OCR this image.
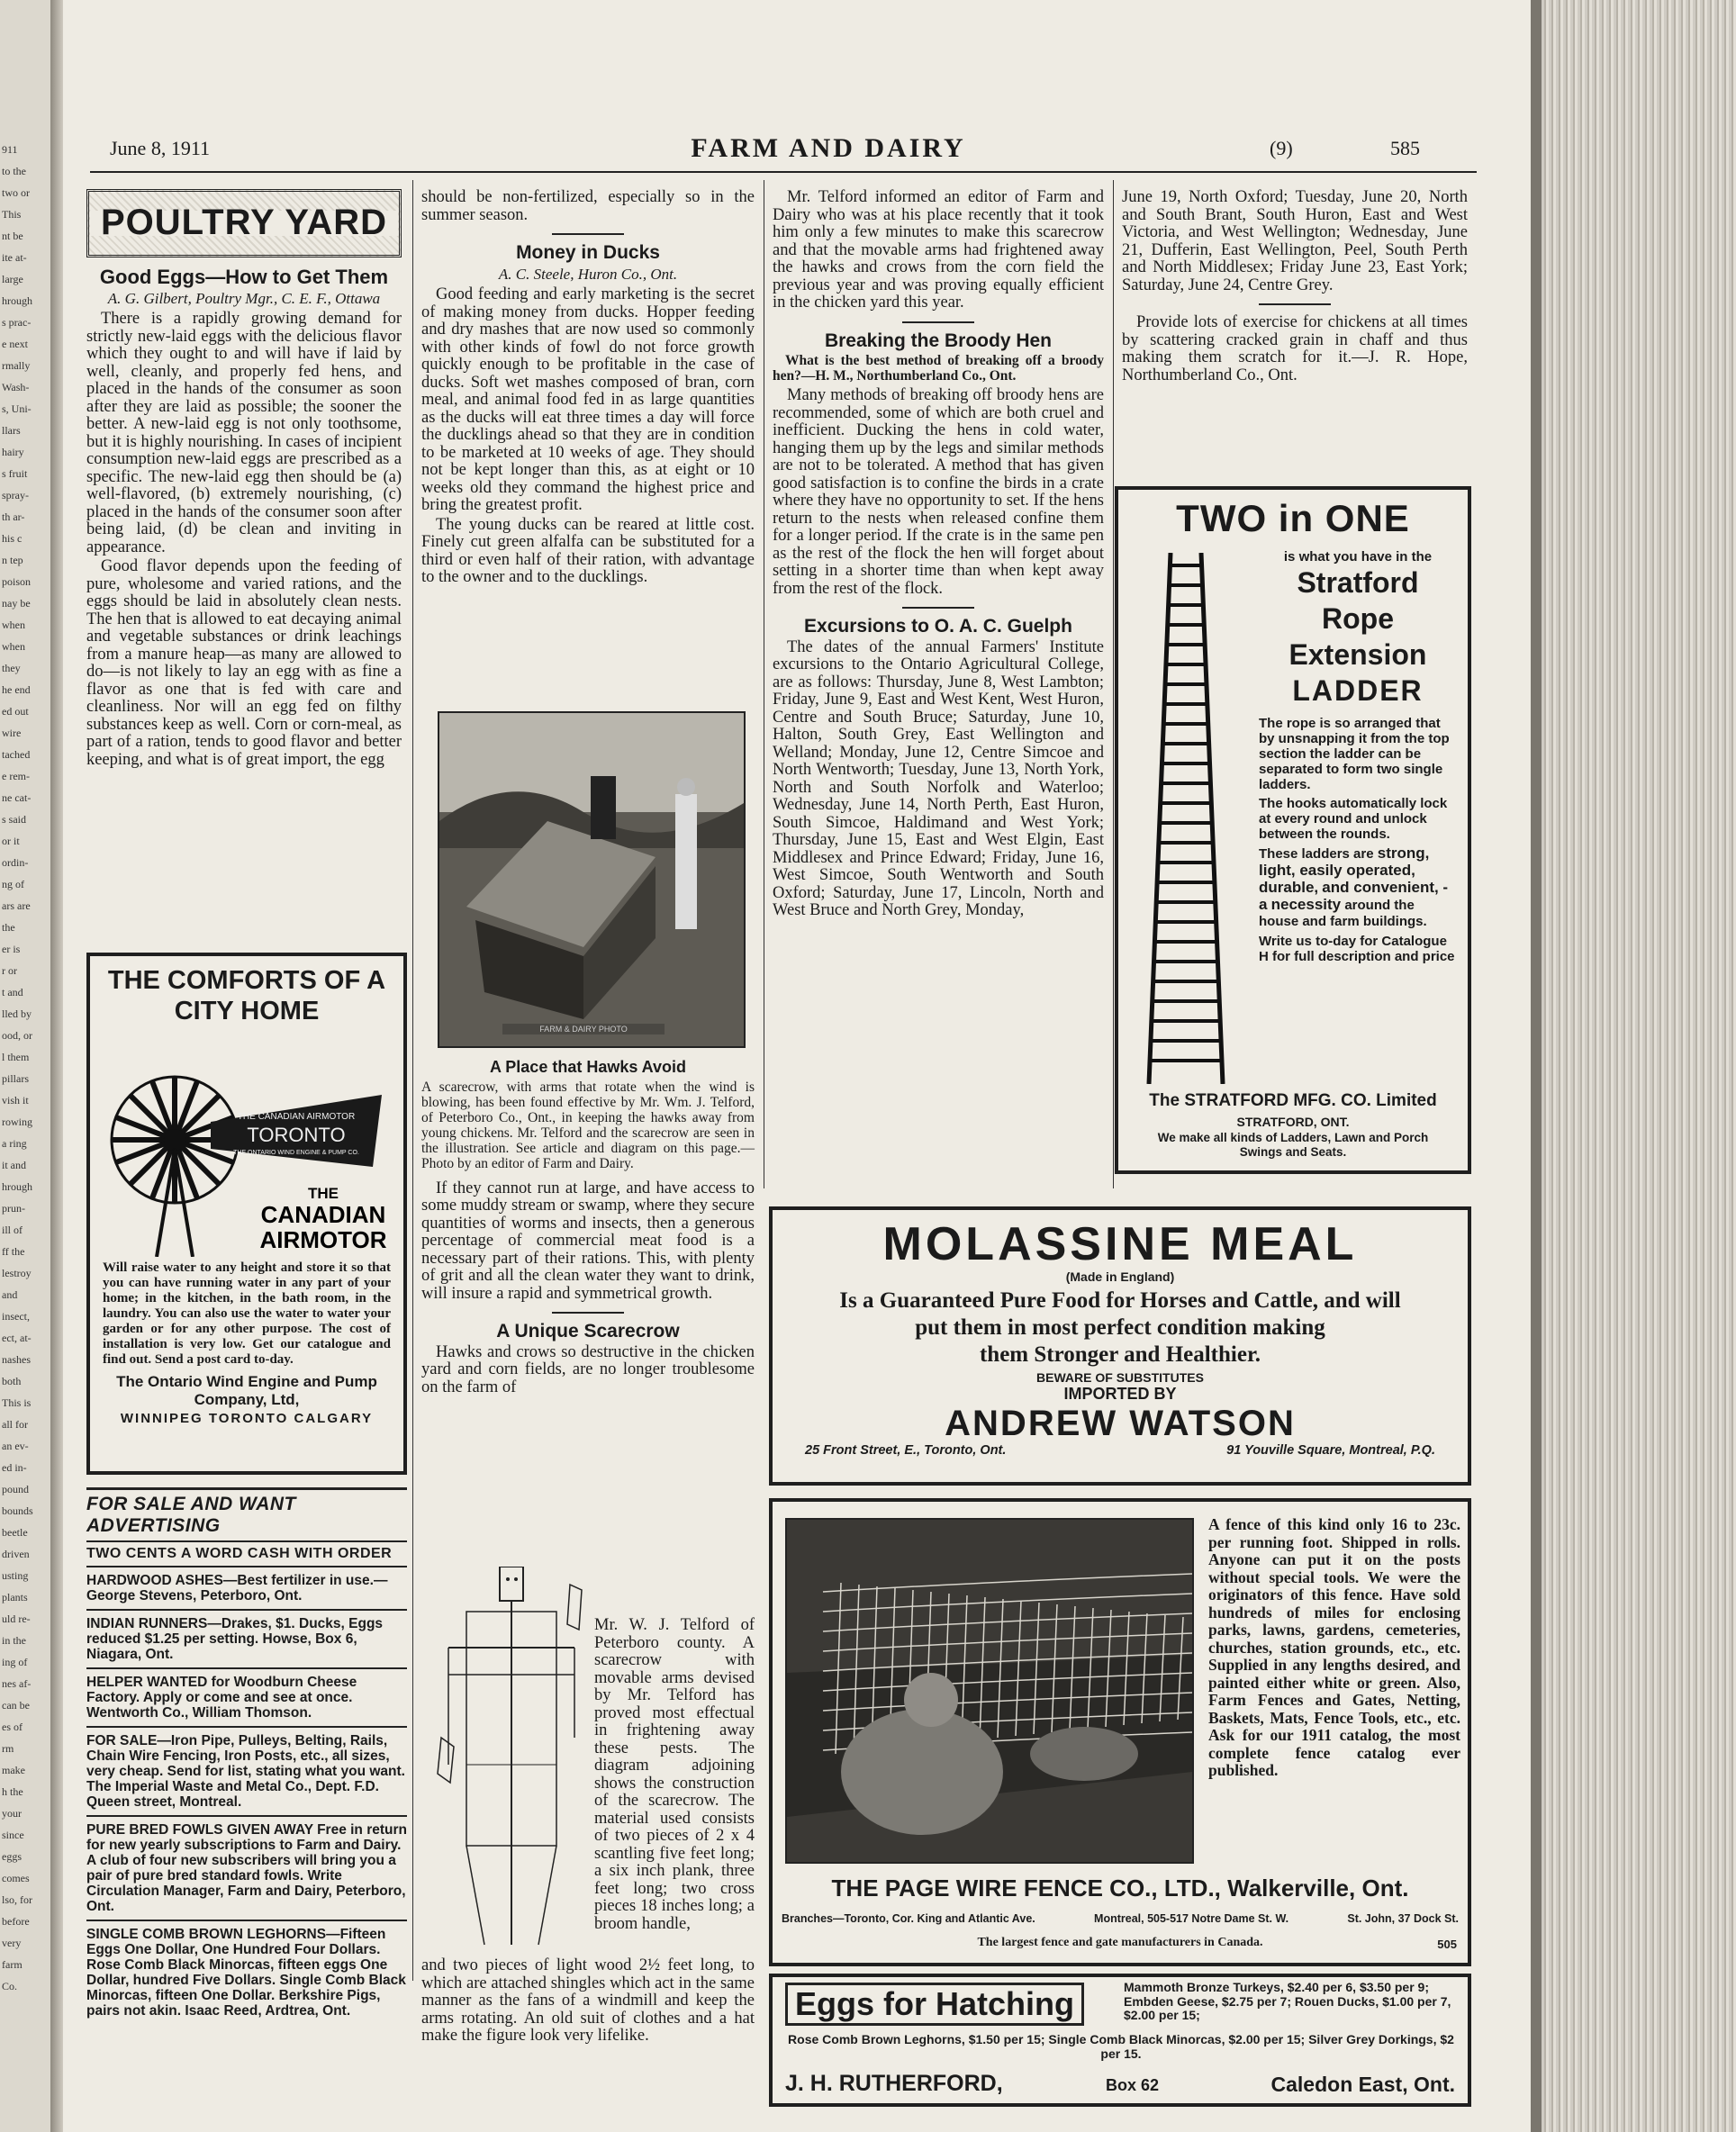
911
to the
two or
This
nt be
ite at-
large
hrough
s prac-
e next
rmally
Wash-
s, Uni-
llars
hairy
s fruit
spray-
th ar-
his c
n tep
poison
nay be
when
when
they
he end
ed out
wire
tached
e rem-
ne cat-
s said
or it
ordin-
ng of
ars are
the
er is
r or
t and
lled by
ood, or
l them
pillars
vish it
rowing
a ring
it and
hrough
prun-
ill of
ff the
lestroy
and
insect,
ect, at-
nashes
both
This is
all for
an ev-
ed in-
pound
bounds
beetle
driven
usting
plants
uld re-
in the
ing of
nes af-
can be
es of
rm
make
h the
your
since
eggs
comes
lso, for
before
very
farm
Co.
June 8, 1911	FARM AND DAIRY	(9)	585
POULTRY YARD
Good Eggs—How to Get Them
A. G. Gilbert, Poultry Mgr., C. E. F., Ottawa

There is a rapidly growing demand for strictly new-laid eggs with the delicious flavor which they ought to and will have if laid by well, cleanly, and properly fed hens, and placed in the hands of the consumer as soon after they are laid as possible; the sooner the better. A new-laid egg is not only toothsome, but it is highly nourishing. In cases of incipient consumption new-laid eggs are prescribed as a specific. The new-laid egg then should be (a) well-flavored, (b) extremely nourishing, (c) placed in the hands of the consumer soon after being laid, (d) be clean and inviting in appearance.

Good flavor depends upon the feeding of pure, wholesome and varied rations, and the eggs should be laid in absolutely clean nests. The hen that is allowed to eat decaying animal and vegetable substances or drink leachings from a manure heap—as many are allowed to do—is not likely to lay an egg with as fine a flavor as one that is fed with care and cleanliness. Nor will an egg fed on filthy substances keep as well. Corn or corn-meal, as part of a ration, tends to good flavor and better keeping, and what is of great import, the egg

THE COMFORTS OF A CITY HOME
THE CANADIAN AIRMOTOR
TORONTO
THE ONTARIO WIND ENGINE & PUMP CO.
THE
CANADIAN
AIRMOTOR
Will raise water to any height and store it so that you can have running water in any part of your home; in the kitchen, in the bath room, in the laundry. You can also use the water to water your garden or for any other purpose. The cost of installation is very low. Get our catalogue and find out. Send a post card to-day.
The Ontario Wind Engine and Pump Company, Ltd,
WINNIPEG TORONTO CALGARY
FOR SALE AND WANT ADVERTISING
TWO CENTS A WORD CASH WITH ORDER
HARDWOOD ASHES—Best fertilizer in use.—George Stevens, Peterboro, Ont.
INDIAN RUNNERS—Drakes, $1. Ducks, Eggs reduced $1.25 per setting. Howse, Box 6, Niagara, Ont.
HELPER WANTED for Woodburn Cheese Factory. Apply or come and see at once. Wentworth Co., William Thomson.
FOR SALE—Iron Pipe, Pulleys, Belting, Rails, Chain Wire Fencing, Iron Posts, etc., all sizes, very cheap. Send for list, stating what you want. The Imperial Waste and Metal Co., Dept. F.D. Queen street, Montreal.
PURE BRED FOWLS GIVEN AWAY Free in return for new yearly subscriptions to Farm and Dairy. A club of four new subscribers will bring you a pair of pure bred standard fowls. Write Circulation Manager, Farm and Dairy, Peterboro, Ont.
SINGLE COMB BROWN LEGHORNS—Fifteen Eggs One Dollar, One Hundred Four Dollars. Rose Comb Black Minorcas, fifteen eggs One Dollar, hundred Five Dollars. Single Comb Black Minorcas, fifteen One Dollar. Berkshire Pigs, pairs not akin. Isaac Reed, Ardtrea, Ont.
should be non-fertilized, especially so in the summer season.
Money in Ducks
A. C. Steele, Huron Co., Ont.

Good feeding and early marketing is the secret of making money from ducks. Hopper feeding and dry mashes that are now used so commonly with other kinds of fowl do not force growth quickly enough to be profitable in the case of ducks. Soft wet mashes composed of bran, corn meal, and animal food fed in as large quantities as the ducks will eat three times a day will force the ducklings ahead so that they are in condition to be marketed at 10 weeks of age. They should not be kept longer than this, as at eight or 10 weeks old they command the highest price and bring the greatest profit.

The young ducks can be reared at little cost. Finely cut green alfalfa can be substituted for a third or even half of their ration, with advantage to the owner and to the ducklings.

FARM & DAIRY PHOTO
A Place that Hawks Avoid
A scarecrow, with arms that rotate when the wind is blowing, has been found effective by Mr. Wm. J. Telford, of Peterboro Co., Ont., in keeping the hawks away from young chickens. Mr. Telford and the scarecrow are seen in the illustration. See article and diagram on this page.—Photo by an editor of Farm and Dairy.

If they cannot run at large, and have access to some muddy stream or swamp, where they secure quantities of worms and insects, then a generous percentage of commercial meat food is a necessary part of their rations. This, with plenty of grit and all the clean water they want to drink, will insure a rapid and symmetrical growth.

A Unique Scarecrow

Hawks and crows so destructive in the chicken yard and corn fields, are no longer troublesome on the farm of

Mr. W. J. Telford of Peterboro county. A scarecrow with movable arms devised by Mr. Telford has proved most effectual in frightening away these pests. The diagram adjoining shows the construction of the scarecrow. The material used consists of two pieces of 2 x 4 scantling five feet long; a six inch plank, three feet long; two cross pieces 18 inches long; a broom handle,
and two pieces of light wood 2½ feet long, to which are attached shingles which act in the same manner as the fans of a windmill and keep the arms rotating. An old suit of clothes and a hat make the figure look very lifelike.

Mr. Telford informed an editor of Farm and Dairy who was at his place recently that it took him only a few minutes to make this scarecrow and that the movable arms had frightened away the hawks and crows from the corn field the previous year and was proving equally efficient in the chicken yard this year.

Breaking the Broody Hen
What is the best method of breaking off a broody hen?—H. M., Northumberland Co., Ont.

Many methods of breaking off broody hens are recommended, some of which are both cruel and inefficient. Ducking the hens in cold water, hanging them up by the legs and similar methods are not to be tolerated. A method that has given good satisfaction is to confine the birds in a crate where they have no opportunity to set. If the hens return to the nests when released confine them for a longer period. If the crate is in the same pen as the rest of the flock the hen will forget about setting in a shorter time than when kept away from the rest of the flock.

Excursions to O. A. C. Guelph

The dates of the annual Farmers' Institute excursions to the Ontario Agricultural College, are as follows: Thursday, June 8, West Lambton; Friday, June 9, East and West Kent, West Huron, Centre and South Bruce; Saturday, June 10, Halton, South Grey, East Wellington and Welland; Monday, June 12, Centre Simcoe and North Wentworth; Tuesday, June 13, North York, North and South Norfolk and Waterloo; Wednesday, June 14, North Perth, East Huron, South Simcoe, Haldimand and West York; Thursday, June 15, East and West Elgin, East Middlesex and Prince Edward; Friday, June 16, West Simcoe, South Wentworth and South Oxford; Saturday, June 17, Lincoln, North and West Bruce and North Grey, Monday,

June 19, North Oxford; Tuesday, June 20, North and South Brant, South Huron, East and West Victoria, and West Wellington; Wednesday, June 21, Dufferin, East Wellington, Peel, South Perth and North Middlesex; Friday June 23, East York; Saturday, June 24, Centre Grey.

Provide lots of exercise for chickens at all times by scattering cracked grain in chaff and thus making them scratch for it.—J. R. Hope, Northumberland Co., Ont.

TWO in ONE
is what you have in the
Stratford
Rope
Extension
LADDER
The rope is so arranged that by unsnapping it from the top section the ladder can be separated to form two single ladders.
The hooks automatically lock at every round and unlock between the rounds.
These ladders are strong, light, easily operated, durable, and convenient, - a necessity around the house and farm buildings.
Write us to-day for Catalogue H for full description and price
The STRATFORD MFG. CO. Limited
STRATFORD, ONT.
We make all kinds of Ladders, Lawn and Porch Swings and Seats.
MOLASSINE MEAL
(Made in England)
Is a Guaranteed Pure Food for Horses and Cattle, and will
put them in most perfect condition making
them Stronger and Healthier.
BEWARE OF SUBSTITUTES
IMPORTED BY
ANDREW WATSON
25 Front Street, E., Toronto, Ont.	91 Youville Square, Montreal, P.Q.
A fence of this kind only 16 to 23c. per running foot. Shipped in rolls. Anyone can put it on the posts without special tools. We were the originators of this fence. Have sold hundreds of miles for enclosing parks, lawns, gardens, cemeteries, churches, station grounds, etc., etc. Supplied in any lengths desired, and painted either white or green. Also, Farm Fences and Gates, Netting, Baskets, Mats, Fence Tools, etc., etc. Ask for our 1911 catalog, the most complete fence catalog ever published.
THE PAGE WIRE FENCE CO., LTD., Walkerville, Ont.
Branches—Toronto, Cor. King and Atlantic Ave.	Montreal, 505-517 Notre Dame St. W.	St. John, 37 Dock St.
The largest fence and gate manufacturers in Canada.	505
Eggs for Hatching	Mammoth Bronze Turkeys, $2.40 per 6, $3.50 per 9; Embden Geese, $2.75 per 7; Rouen Ducks, $1.00 per 7, $2.00 per 15;
Rose Comb Brown Leghorns, $1.50 per 15; Single Comb Black Minorcas, $2.00 per 15; Silver Grey Dorkings, $2 per 15.
J. H. RUTHERFORD,	Box 62	Caledon East, Ont.
